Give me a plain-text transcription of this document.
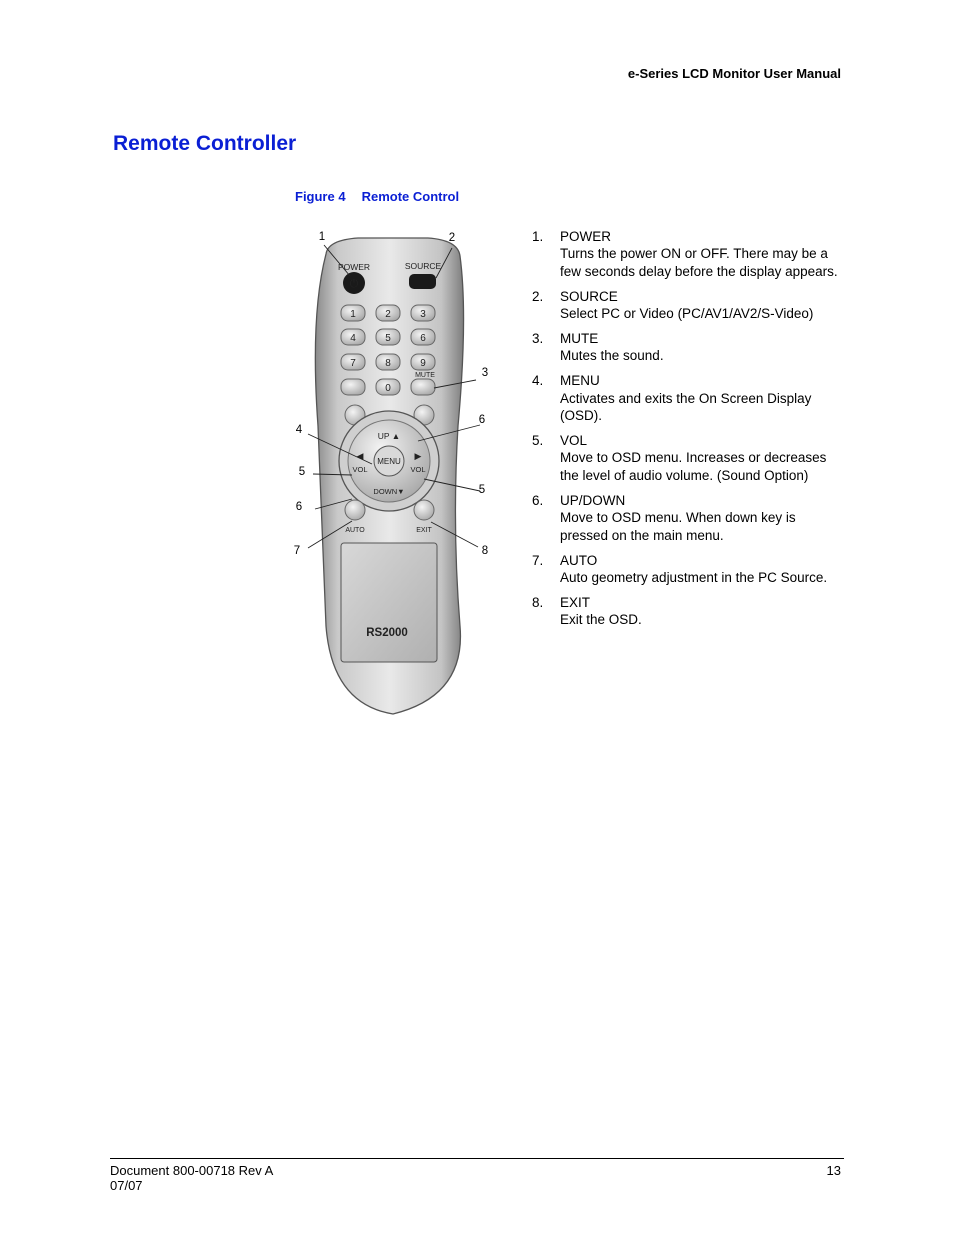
e-Series LCD Monitor User Manual
Remote Controller
Figure 4 Remote Control
⏻
POWER	SOURCE
1	2	3
4	5	6
7	8	9
0
MUTE
UP ▲
MENU
VOL	VOL
DOWN▼
◀	▶
AUTO	EXIT
RS2000
1	2
3
4
5
6
5
6
7	8
1. POWER
Turns the power ON or OFF. There may be a few seconds delay before the display appears.
2. SOURCE
Select PC or Video (PC/AV1/AV2/S-Video)
3. MUTE
Mutes the sound.
4. MENU
Activates and exits the On Screen Display (OSD).
5. VOL
Move to OSD menu. Increases or decreases the level of audio volume. (Sound Option)
6. UP/DOWN
Move to OSD menu. When down key is pressed on the main menu.
7. AUTO
Auto geometry adjustment in the PC Source.
8. EXIT
Exit the OSD.
Document 800-00718 Rev A
07/07
13
